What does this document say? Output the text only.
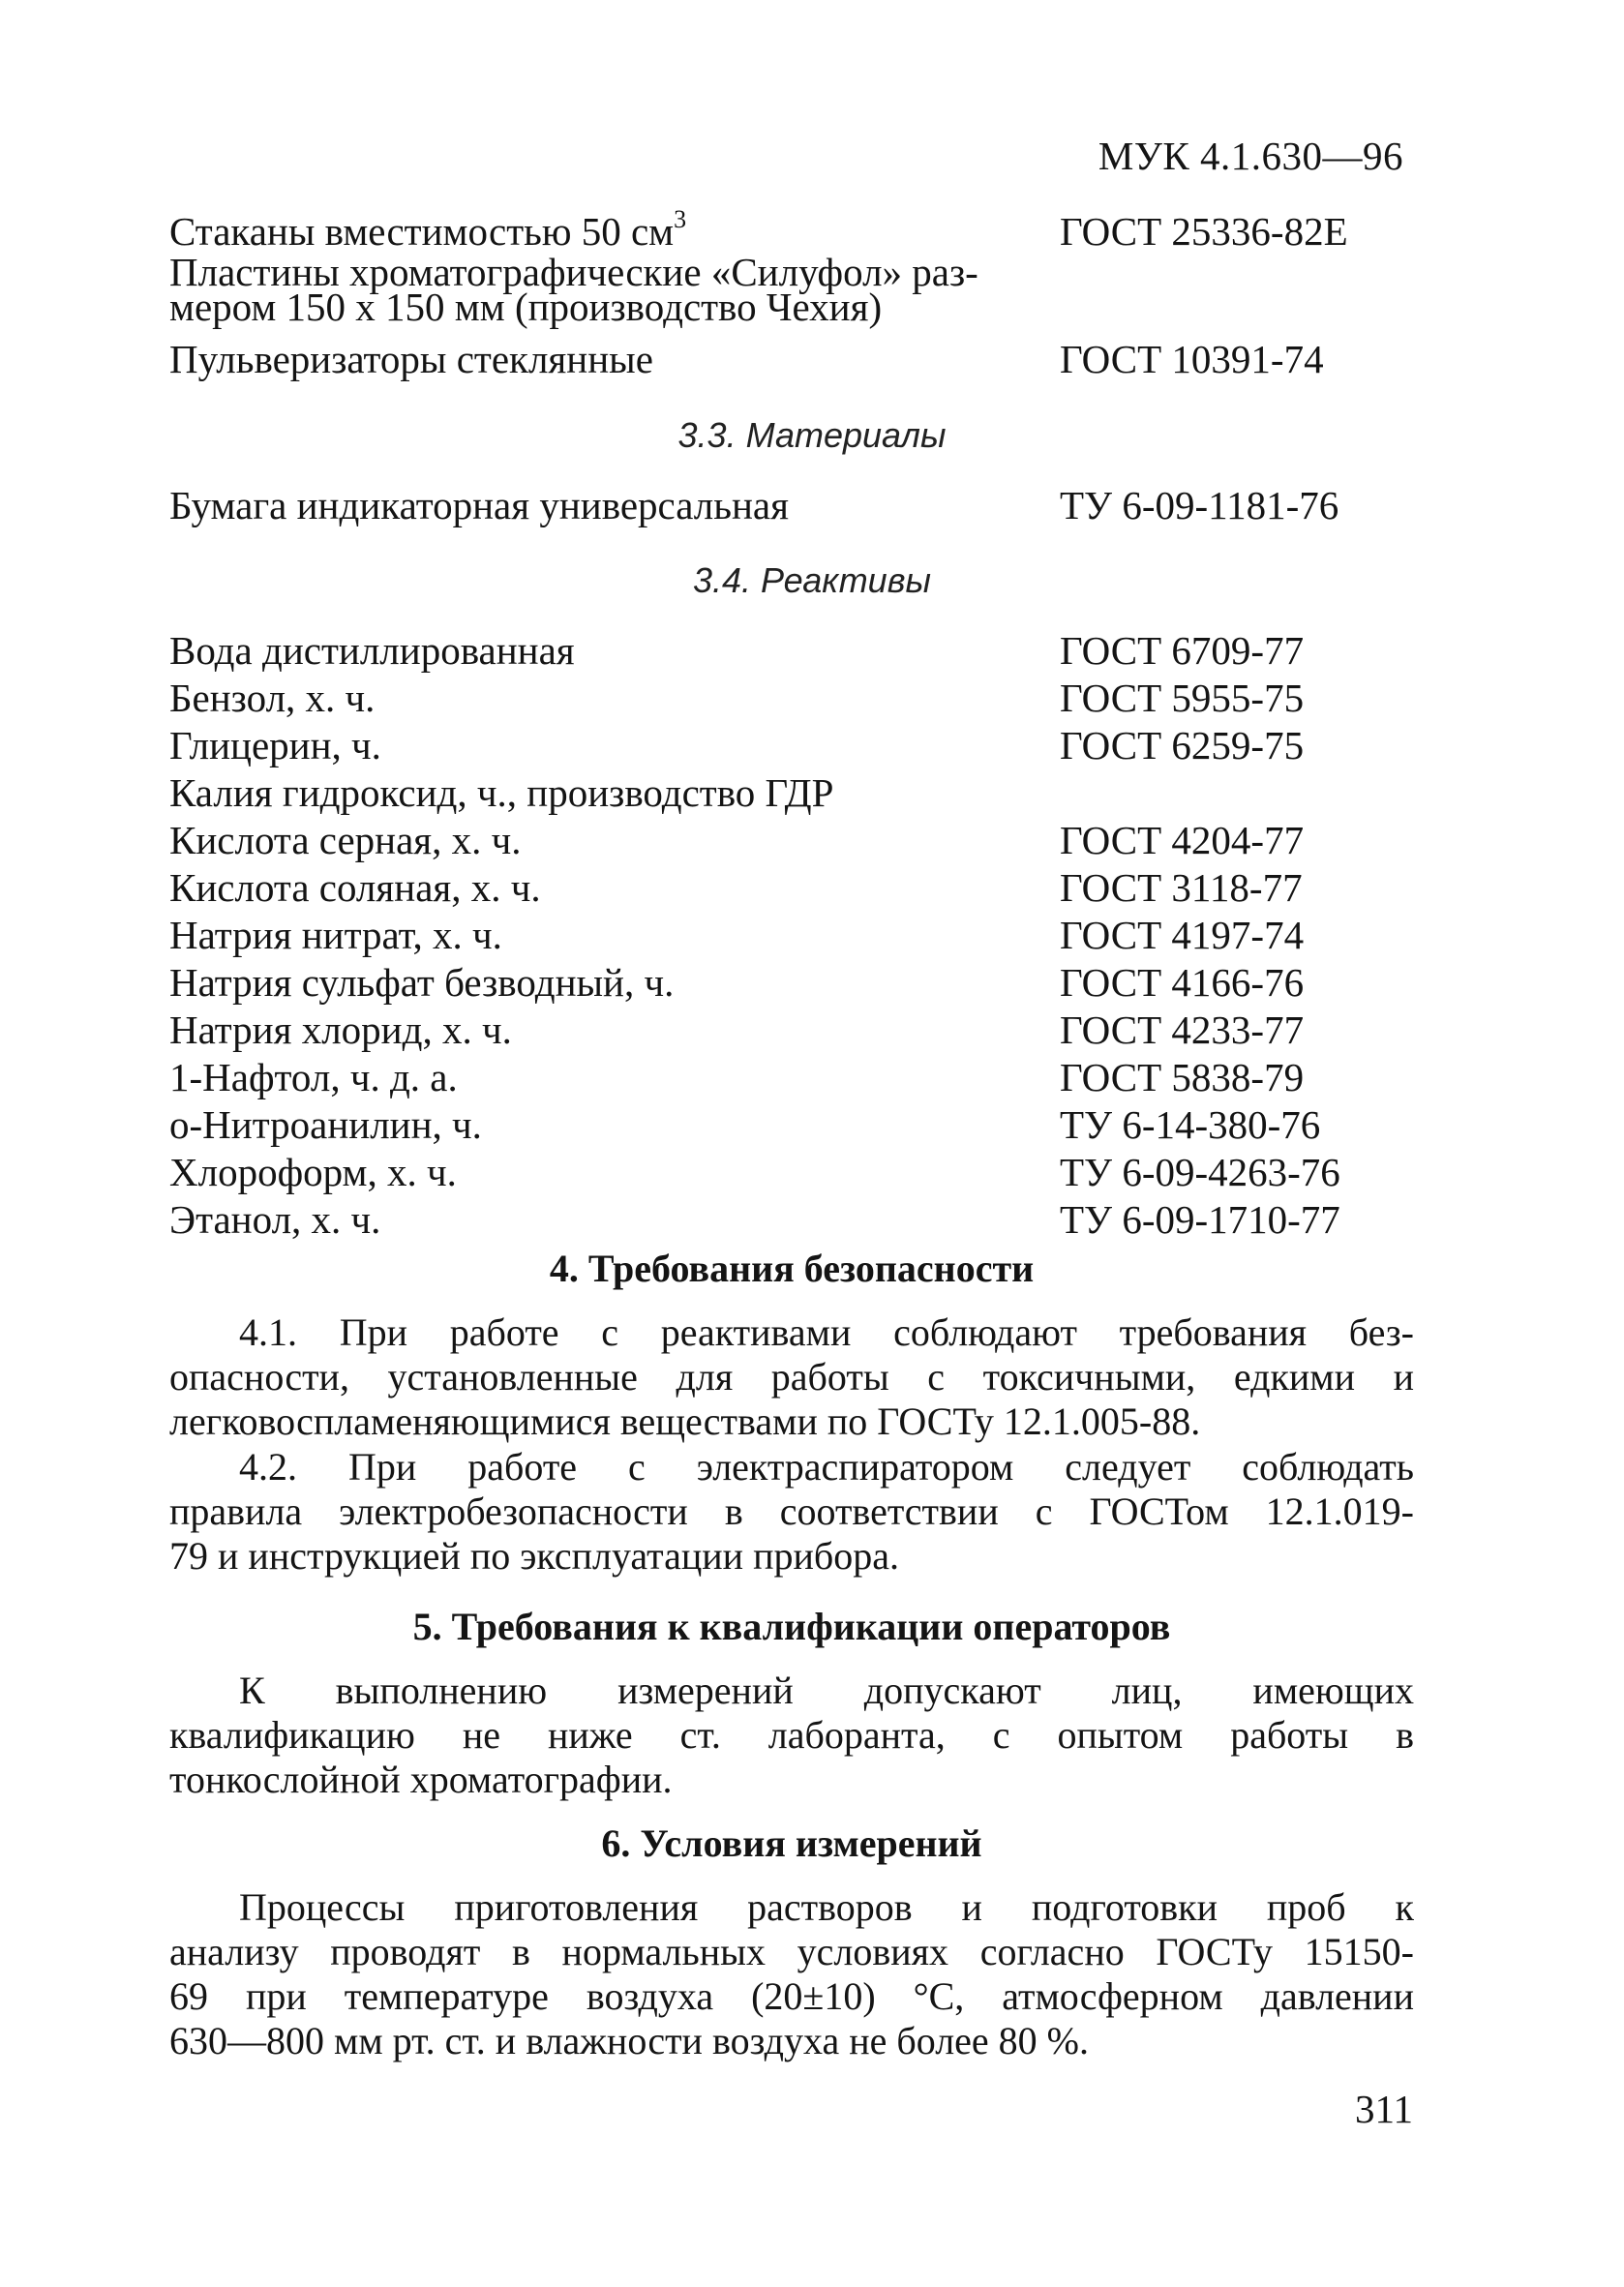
МУК 4.1.630—96
Стаканы вместимостью 50 $см^3$	ГОСТ 25336-82Е
Пластины хроматографические «Силуфол» раз-
мером 150 х 150 мм (производство Чехия)
Пульверизаторы стеклянные	ГОСТ 10391-74
3.3. Материалы
Бумага индикаторная универсальная	ТУ 6-09-1181-76
3.4. Реактивы
Вода дистиллированная	ГОСТ 6709-77
Бензол, х. ч.	ГОСТ 5955-75
Глицерин, ч.	ГОСТ 6259-75
Калия гидроксид, ч., производство ГДР
Кислота серная, х. ч.	ГОСТ 4204-77
Кислота соляная, х. ч.	ГОСТ 3118-77
Натрия нитрат, х. ч.	ГОСТ 4197-74
Натрия сульфат безводный, ч.	ГОСТ 4166-76
Натрия хлорид, х. ч.	ГОСТ 4233-77
1-Нафтол, ч. д. а.	ГОСТ 5838-79
о-Нитроанилин, ч.	ТУ 6-14-380-76
Хлороформ, х. ч.	ТУ 6-09-4263-76
Этанол, х. ч.	ТУ 6-09-1710-77
4. Требования безопасности
4.1. При работе с реактивами соблюдают требования без-
опасности, установленные для работы с токсичными, едкими и
легковоспламеняющимися веществами по ГОСТу 12.1.005-88.
4.2. При работе с электраспиратором следует соблюдать
правила электробезопасности в соответствии с ГОСТом 12.1.019-
79 и инструкцией по эксплуатации прибора.
5. Требования к квалификации операторов
К выполнению измерений допускают лиц, имеющих
квалификацию не ниже ст. лаборанта, с опытом работы в
тонкослойной хроматографии.
6. Условия измерений
Процессы приготовления растворов и подготовки проб к
анализу проводят в нормальных условиях согласно ГОСТу 15150-
69 при температуре воздуха (20±10) °С, атмосферном давлении
630—800 мм рт. ст. и влажности воздуха не более 80 %.
311
